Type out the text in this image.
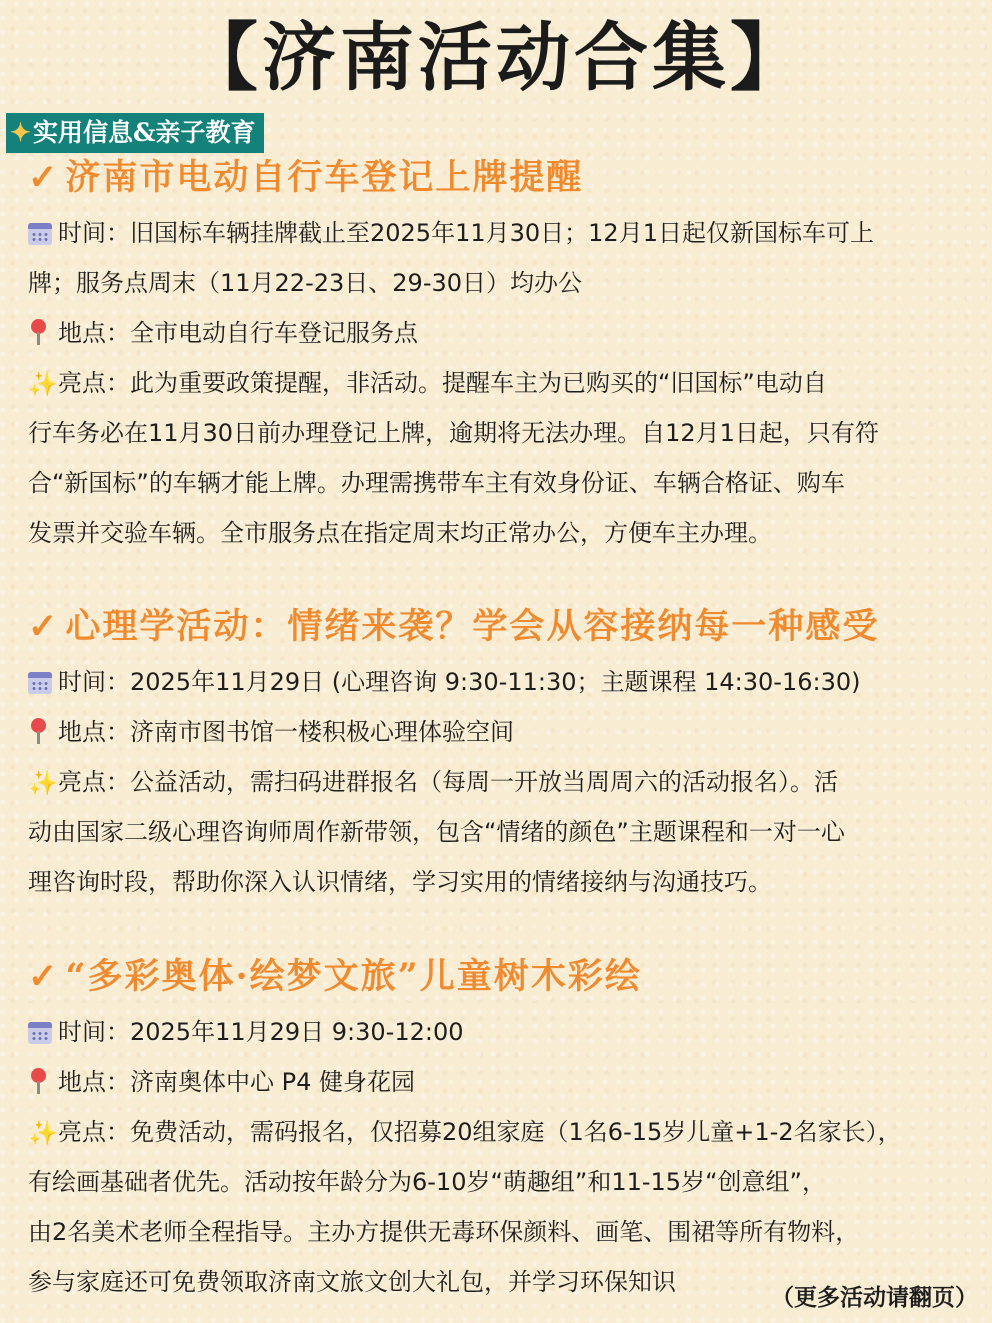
【济南活动合集】
✦实用信息&亲子教育
✓ 济南市电动自行车登记上牌提醒
时间：旧国标车辆挂牌截止至2025年11月30日；12月1日起仅新国标车可上
牌；服务点周末（11月22-23日、29-30日）均办公
地点：全市电动自行车登记服务点
✨亮点：此为重要政策提醒，非活动。提醒车主为已购买的“旧国标”电动自
行车务必在11月30日前办理登记上牌，逾期将无法办理。自12月1日起，只有符
合“新国标”的车辆才能上牌。办理需携带车主有效身份证、车辆合格证、购车
发票并交验车辆。全市服务点在指定周末均正常办公，方便车主办理。
✓ 心理学活动：情绪来袭？学会从容接纳每一种感受
时间：2025年11月29日 (心理咨询 9:30-11:30；主题课程 14:30-16:30)
地点：济南市图书馆一楼积极心理体验空间
✨亮点：公益活动，需扫码进群报名（每周一开放当周周六的活动报名）。活
动由国家二级心理咨询师周作新带领，包含“情绪的颜色”主题课程和一对一心
理咨询时段，帮助你深入认识情绪，学习实用的情绪接纳与沟通技巧。
✓ “多彩奥体·绘梦文旅”儿童树木彩绘
时间：2025年11月29日 9:30-12:00
地点：济南奥体中心 P4 健身花园
✨亮点：免费活动，需码报名，仅招募20组家庭（1名6-15岁儿童+1-2名家长），
有绘画基础者优先。活动按年龄分为6-10岁“萌趣组”和11-15岁“创意组”，
由2名美术老师全程指导。主办方提供无毒环保颜料、画笔、围裙等所有物料，
参与家庭还可免费领取济南文旅文创大礼包，并学习环保知识
（更多活动请翻页）
